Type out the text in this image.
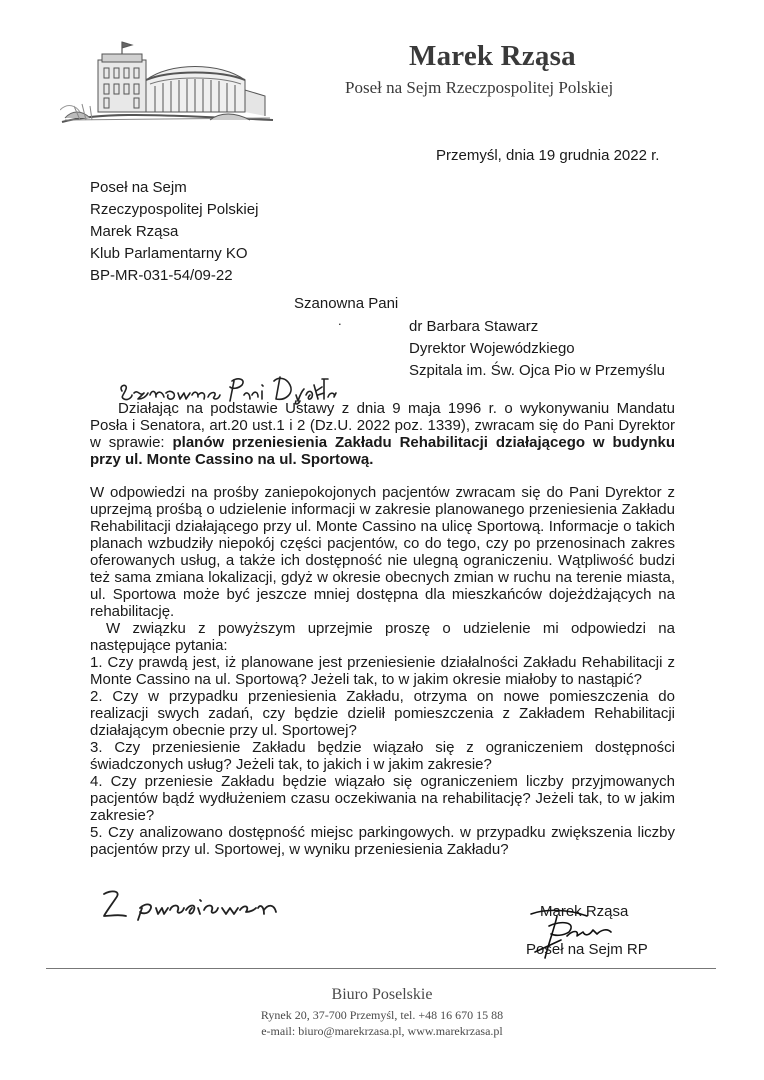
Marek Rząsa
Poseł na Sejm Rzeczpospolitej Polskiej
Przemyśl, dnia 19 grudnia 2022 r.
Poseł na Sejm
Rzeczypospolitej Polskiej
Marek Rząsa
Klub Parlamentarny KO
BP-MR-031-54/09-22
Szanowna Pani
.	dr Barbara Stawarz
Dyrektor Wojewódzkiego
Szpitala im. Św. Ojca Pio w Przemyślu

Działając na podstawie Ustawy z dnia 9 maja 1996 r. o wykonywaniu Mandatu Posła i Senatora, art.20 ust.1 i 2 (Dz.U. 2022 poz. 1339), zwracam się do Pani Dyrektor w sprawie: planów przeniesienia Zakładu Rehabilitacji działającego w budynku przy ul. Monte Cassino na ul. Sportową.

W odpowiedzi na prośby zaniepokojonych pacjentów zwracam się do Pani Dyrektor z uprzejmą prośbą o udzielenie informacji w zakresie planowanego przeniesienia Zakładu Rehabilitacji działającego przy ul. Monte Cassino na ulicę Sportową. Informacje o takich planach wzbudziły niepokój części pacjentów, co do tego, czy po przenosinach zakres oferowanych usług, a także ich dostępność nie ulegną ograniczeniu. Wątpliwość budzi też sama zmiana lokalizacji, gdyż w okresie obecnych zmian w ruchu na terenie miasta, ul. Sportowa może być jeszcze mniej dostępna dla mieszkańców dojeżdżających na rehabilitację.

W związku z powyższym uprzejmie proszę o udzielenie mi odpowiedzi na następujące pytania:

1. Czy prawdą jest, iż planowane jest przeniesienie działalności Zakładu Rehabilitacji z Monte Cassino na ul. Sportową? Jeżeli tak, to w jakim okresie miałoby to nastąpić?

2. Czy w przypadku przeniesienia Zakładu, otrzyma on nowe pomieszczenia do realizacji swych zadań, czy będzie dzielił pomieszczenia z Zakładem Rehabilitacji działającym obecnie przy ul. Sportowej?

3. Czy przeniesienie Zakładu będzie wiązało się z ograniczeniem dostępności świadczonych usług? Jeżeli tak, to jakich i w jakim zakresie?

4. Czy przeniesie Zakładu będzie wiązało się ograniczeniem liczby przyjmowanych pacjentów bądź wydłużeniem czasu oczekiwania na rehabilitację? Jeżeli tak, to w jakim zakresie?

5. Czy analizowano dostępność miejsc parkingowych. w przypadku zwiększenia liczby pacjentów przy ul. Sportowej, w wyniku przeniesienia Zakładu?

Marek Rząsa
Poseł na Sejm RP
Biuro Poselskie
Rynek 20, 37-700 Przemyśl, tel. +48 16 670 15 88
e-mail: biuro@marekrzasa.pl, www.marekrzasa.pl
